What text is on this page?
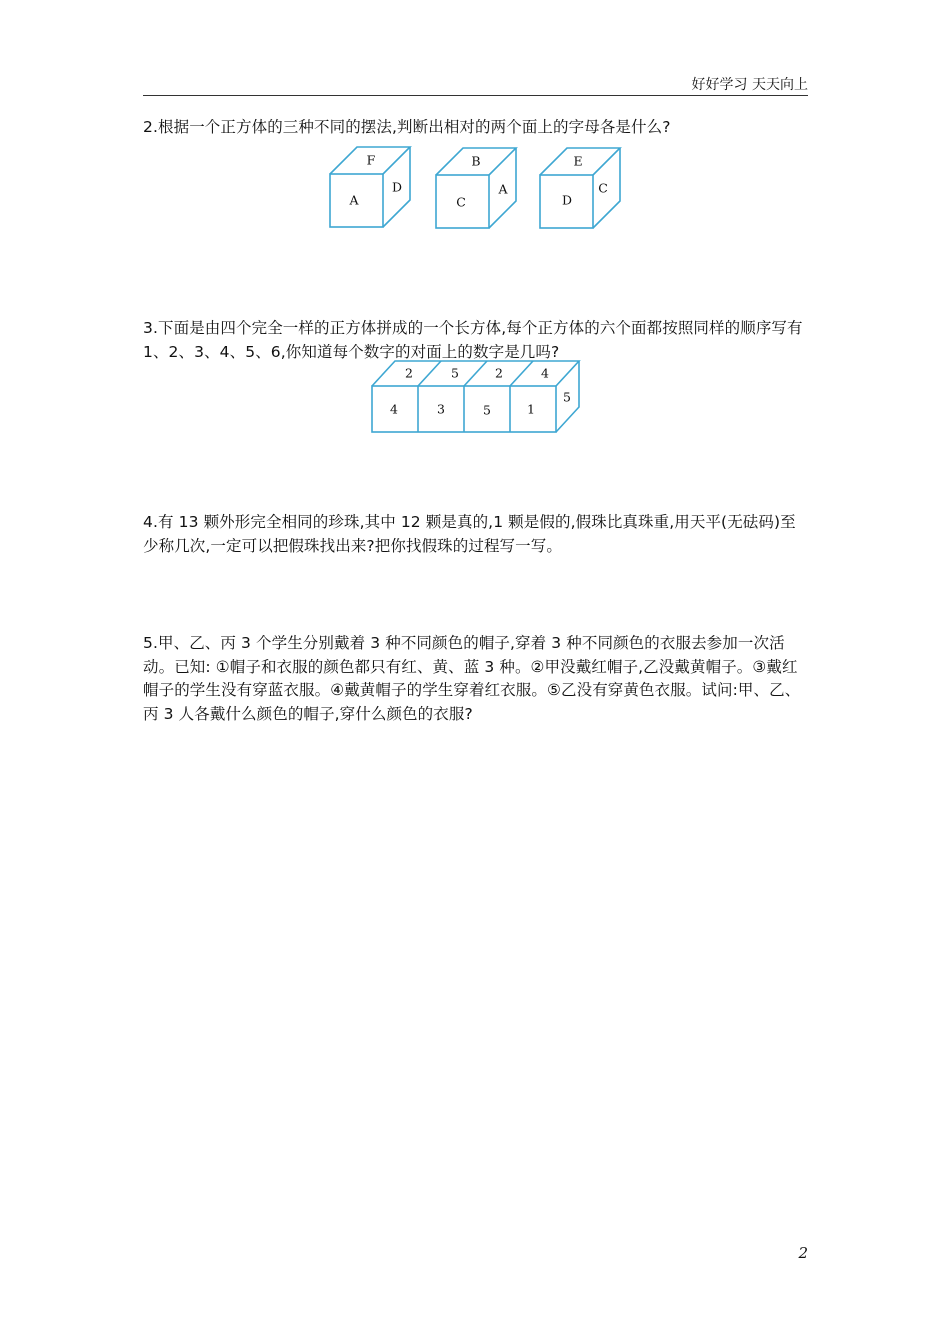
好好学习 天天向上
2.根据一个正方体的三种不同的摆法,判断出相对的两个面上的字母各是什么?
F
A
D
B
C
A
E
D
C
2	5	2	4
4	3	5	1
5
3.下面是由四个完全一样的正方体拼成的一个长方体,每个正方体的六个面都按照同样的顺序写有 1、2、3、4、5、6,你知道每个数字的对面上的数字是几吗?
4.有 13 颗外形完全相同的珍珠,其中 12 颗是真的,1 颗是假的,假珠比真珠重,用天平(无砝码)至少称几次,一定可以把假珠找出来?把你找假珠的过程写一写。
5.甲、乙、丙 3 个学生分别戴着 3 种不同颜色的帽子,穿着 3 种不同颜色的衣服去参加一次活动。已知: ①帽子和衣服的颜色都只有红、黄、蓝 3 种。②甲没戴红帽子,乙没戴黄帽子。③戴红帽子的学生没有穿蓝衣服。④戴黄帽子的学生穿着红衣服。⑤乙没有穿黄色衣服。试问:甲、乙、丙 3 人各戴什么颜色的帽子,穿什么颜色的衣服?
2
